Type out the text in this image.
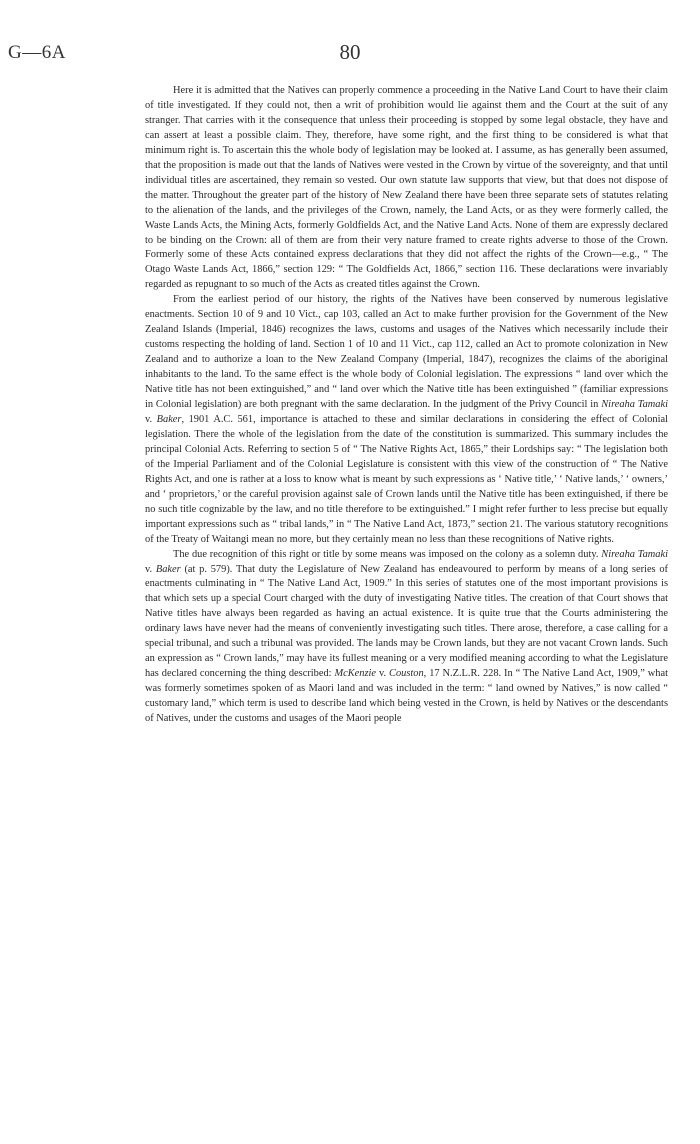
G—6A	80

Here it is admitted that the Natives can properly commence a proceeding in the Native Land Court to have their claim of title investigated. If they could not, then a writ of prohibition would lie against them and the Court at the suit of any stranger. That carries with it the consequence that unless their proceeding is stopped by some legal obstacle, they have and can assert at least a possible claim. They, therefore, have some right, and the first thing to be considered is what that minimum right is. To ascertain this the whole body of legislation may be looked at. I assume, as has generally been assumed, that the proposition is made out that the lands of Natives were vested in the Crown by virtue of the sovereignty, and that until individual titles are ascertained, they remain so vested. Our own statute law supports that view, but that does not dispose of the matter. Throughout the greater part of the history of New Zealand there have been three separate sets of statutes relating to the alienation of the lands, and the privileges of the Crown, namely, the Land Acts, or as they were formerly called, the Waste Lands Acts, the Mining Acts, formerly Goldfields Act, and the Native Land Acts. None of them are expressly declared to be binding on the Crown: all of them are from their very nature framed to create rights adverse to those of the Crown. Formerly some of these Acts contained express declarations that they did not affect the rights of the Crown—e.g., “ The Otago Waste Lands Act, 1866,” section 129: “ The Goldfields Act, 1866,” section 116. These declarations were invariably regarded as repugnant to so much of the Acts as created titles against the Crown.

From the earliest period of our history, the rights of the Natives have been conserved by numerous legislative enactments. Section 10 of 9 and 10 Vict., cap 103, called an Act to make further provision for the Government of the New Zealand Islands (Imperial, 1846) recognizes the laws, customs and usages of the Natives which necessarily include their customs respecting the holding of land. Section 1 of 10 and 11 Vict., cap 112, called an Act to promote colonization in New Zealand and to authorize a loan to the New Zealand Company (Imperial, 1847), recognizes the claims of the aboriginal inhabitants to the land. To the same effect is the whole body of Colonial legislation. The expressions “ land over which the Native title has not been extinguished,” and “ land over which the Native title has been extinguished ” (familiar expressions in Colonial legislation) are both pregnant with the same declaration. In the judgment of the Privy Council in Nireaha Tamaki v. Baker, 1901 A.C. 561, importance is attached to these and similar declarations in considering the effect of Colonial legislation. There the whole of the legislation from the date of the constitution is summarized. This summary includes the principal Colonial Acts. Referring to section 5 of “ The Native Rights Act, 1865,” their Lordships say: “ The legislation both of the Imperial Parliament and of the Colonial Legislature is consistent with this view of the construction of “ The Native Rights Act, and one is rather at a loss to know what is meant by such expressions as ‘ Native title,’ ‘ Native lands,’ ‘ owners,’ and ‘ proprietors,’ or the careful provision against sale of Crown lands until the Native title has been extinguished, if there be no such title cognizable by the law, and no title therefore to be extinguished.” I might refer further to less precise but equally important expressions such as “ tribal lands,” in “ The Native Land Act, 1873,” section 21. The various statutory recognitions of the Treaty of Waitangi mean no more, but they certainly mean no less than these recognitions of Native rights.

The due recognition of this right or title by some means was imposed on the colony as a solemn duty. Nireaha Tamaki v. Baker (at p. 579). That duty the Legislature of New Zealand has endeavoured to perform by means of a long series of enactments culminating in “ The Native Land Act, 1909.” In this series of statutes one of the most important provisions is that which sets up a special Court charged with the duty of investigating Native titles. The creation of that Court shows that Native titles have always been regarded as having an actual existence. It is quite true that the Courts administering the ordinary laws have never had the means of conveniently investigating such titles. There arose, therefore, a case calling for a special tribunal, and such a tribunal was provided. The lands may be Crown lands, but they are not vacant Crown lands. Such an expression as “ Crown lands,” may have its fullest meaning or a very modified meaning according to what the Legislature has declared concerning the thing described: McKenzie v. Couston, 17 N.Z.L.R. 228. In “ The Native Land Act, 1909,” what was formerly sometimes spoken of as Maori land and was included in the term: “ land owned by Natives,” is now called “ customary land,” which term is used to describe land which being vested in the Crown, is held by Natives or the descendants of Natives, under the customs and usages of the Maori people
